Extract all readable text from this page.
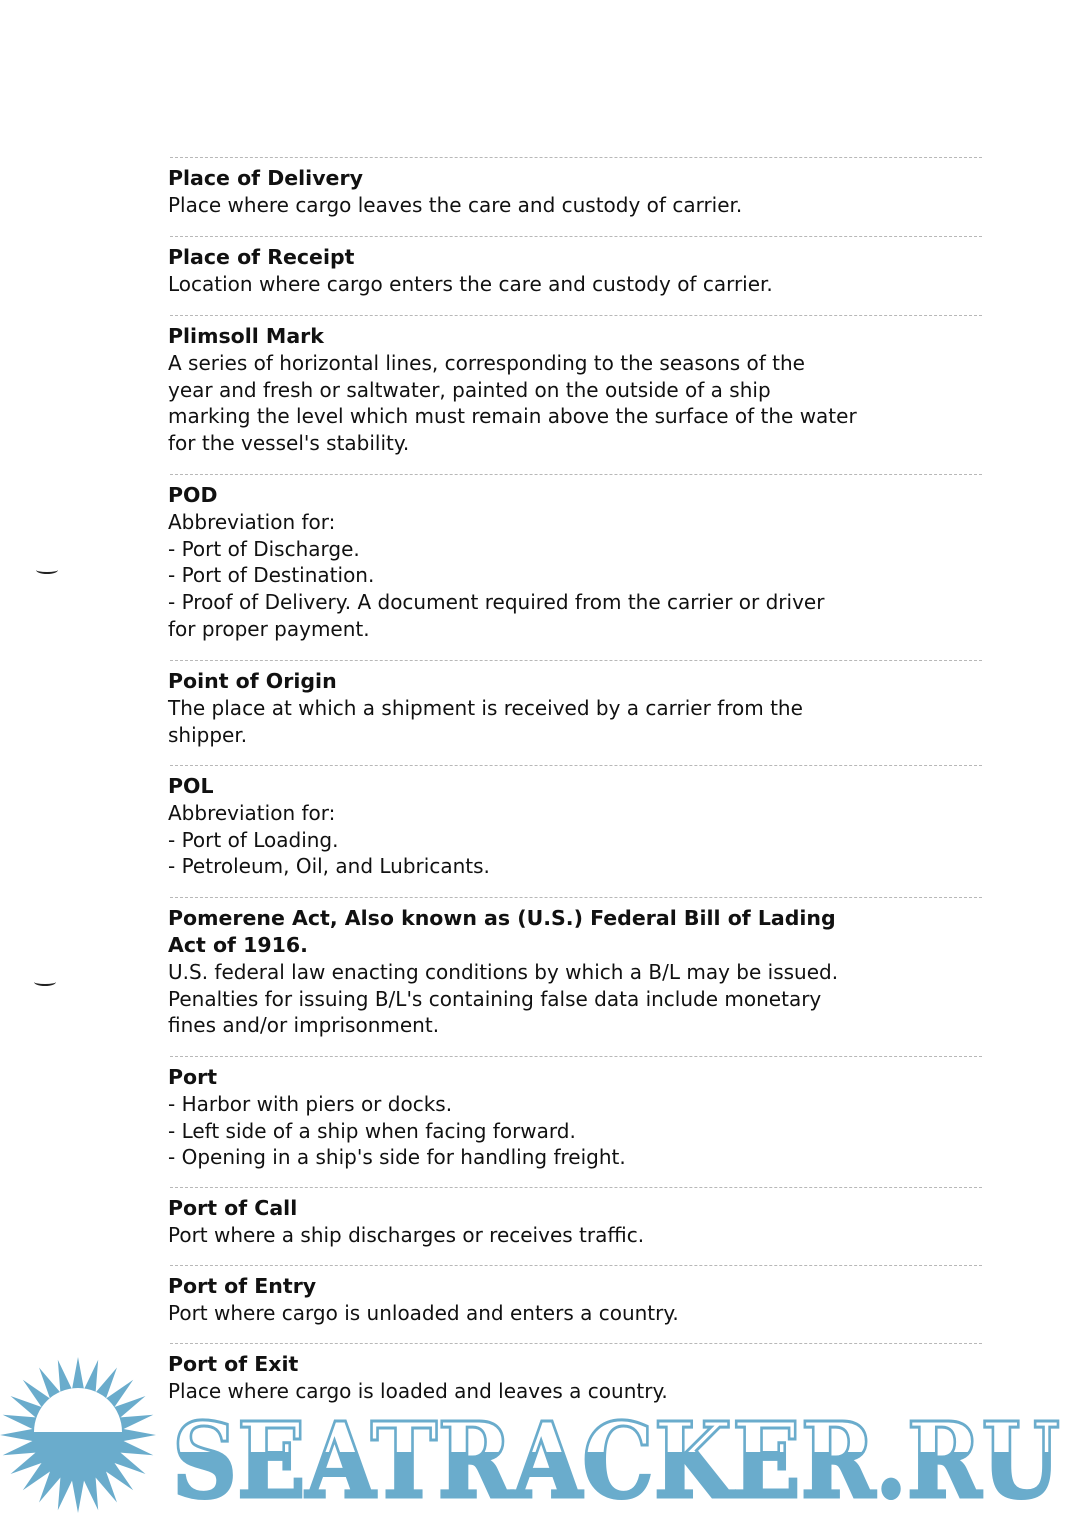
Place of Delivery
Place where cargo leaves the care and custody of carrier.
Place of Receipt
Location where cargo enters the care and custody of carrier.
Plimsoll Mark
A series of horizontal lines, corresponding to the seasons of the
year and fresh or saltwater, painted on the outside of a ship
marking the level which must remain above the surface of the water
for the vessel's stability.
POD
Abbreviation for:
- Port of Discharge.
- Port of Destination.
- Proof of Delivery. A document required from the carrier or driver
for proper payment.
Point of Origin
The place at which a shipment is received by a carrier from the
shipper.
POL
Abbreviation for:
- Port of Loading.
- Petroleum, Oil, and Lubricants.
Pomerene Act, Also known as (U.S.) Federal Bill of Lading
Act of 1916.
U.S. federal law enacting conditions by which a B/L may be issued.
Penalties for issuing B/L's containing false data include monetary
fines and/or imprisonment.
Port
- Harbor with piers or docks.
- Left side of a ship when facing forward.
- Opening in a ship's side for handling freight.
Port of Call
Port where a ship discharges or receives traffic.
Port of Entry
Port where cargo is unloaded and enters a country.
Port of Exit
Place where cargo is loaded and leaves a country.
SEATRACKER.RU
